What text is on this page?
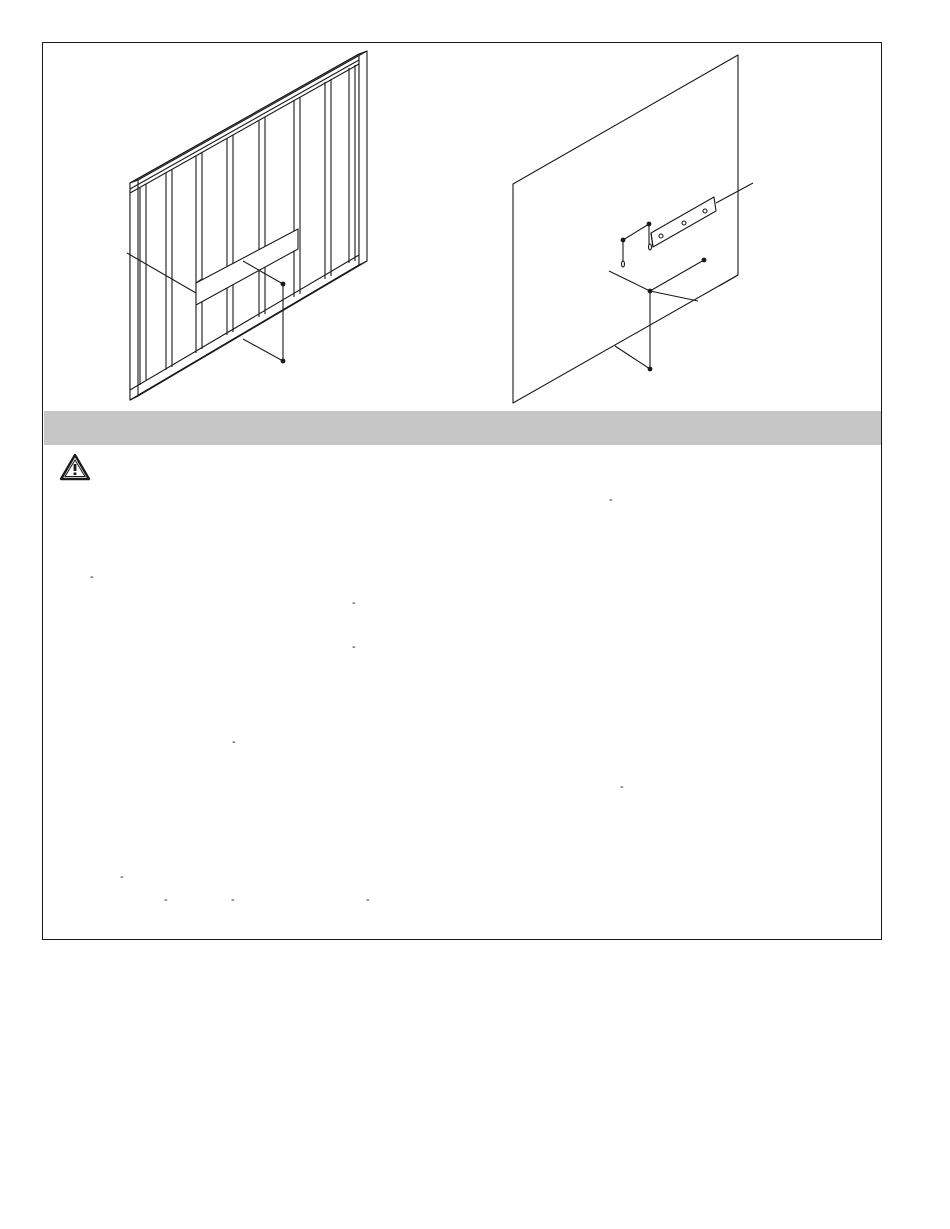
-
-
-
-
-
-
-
-	-	-
